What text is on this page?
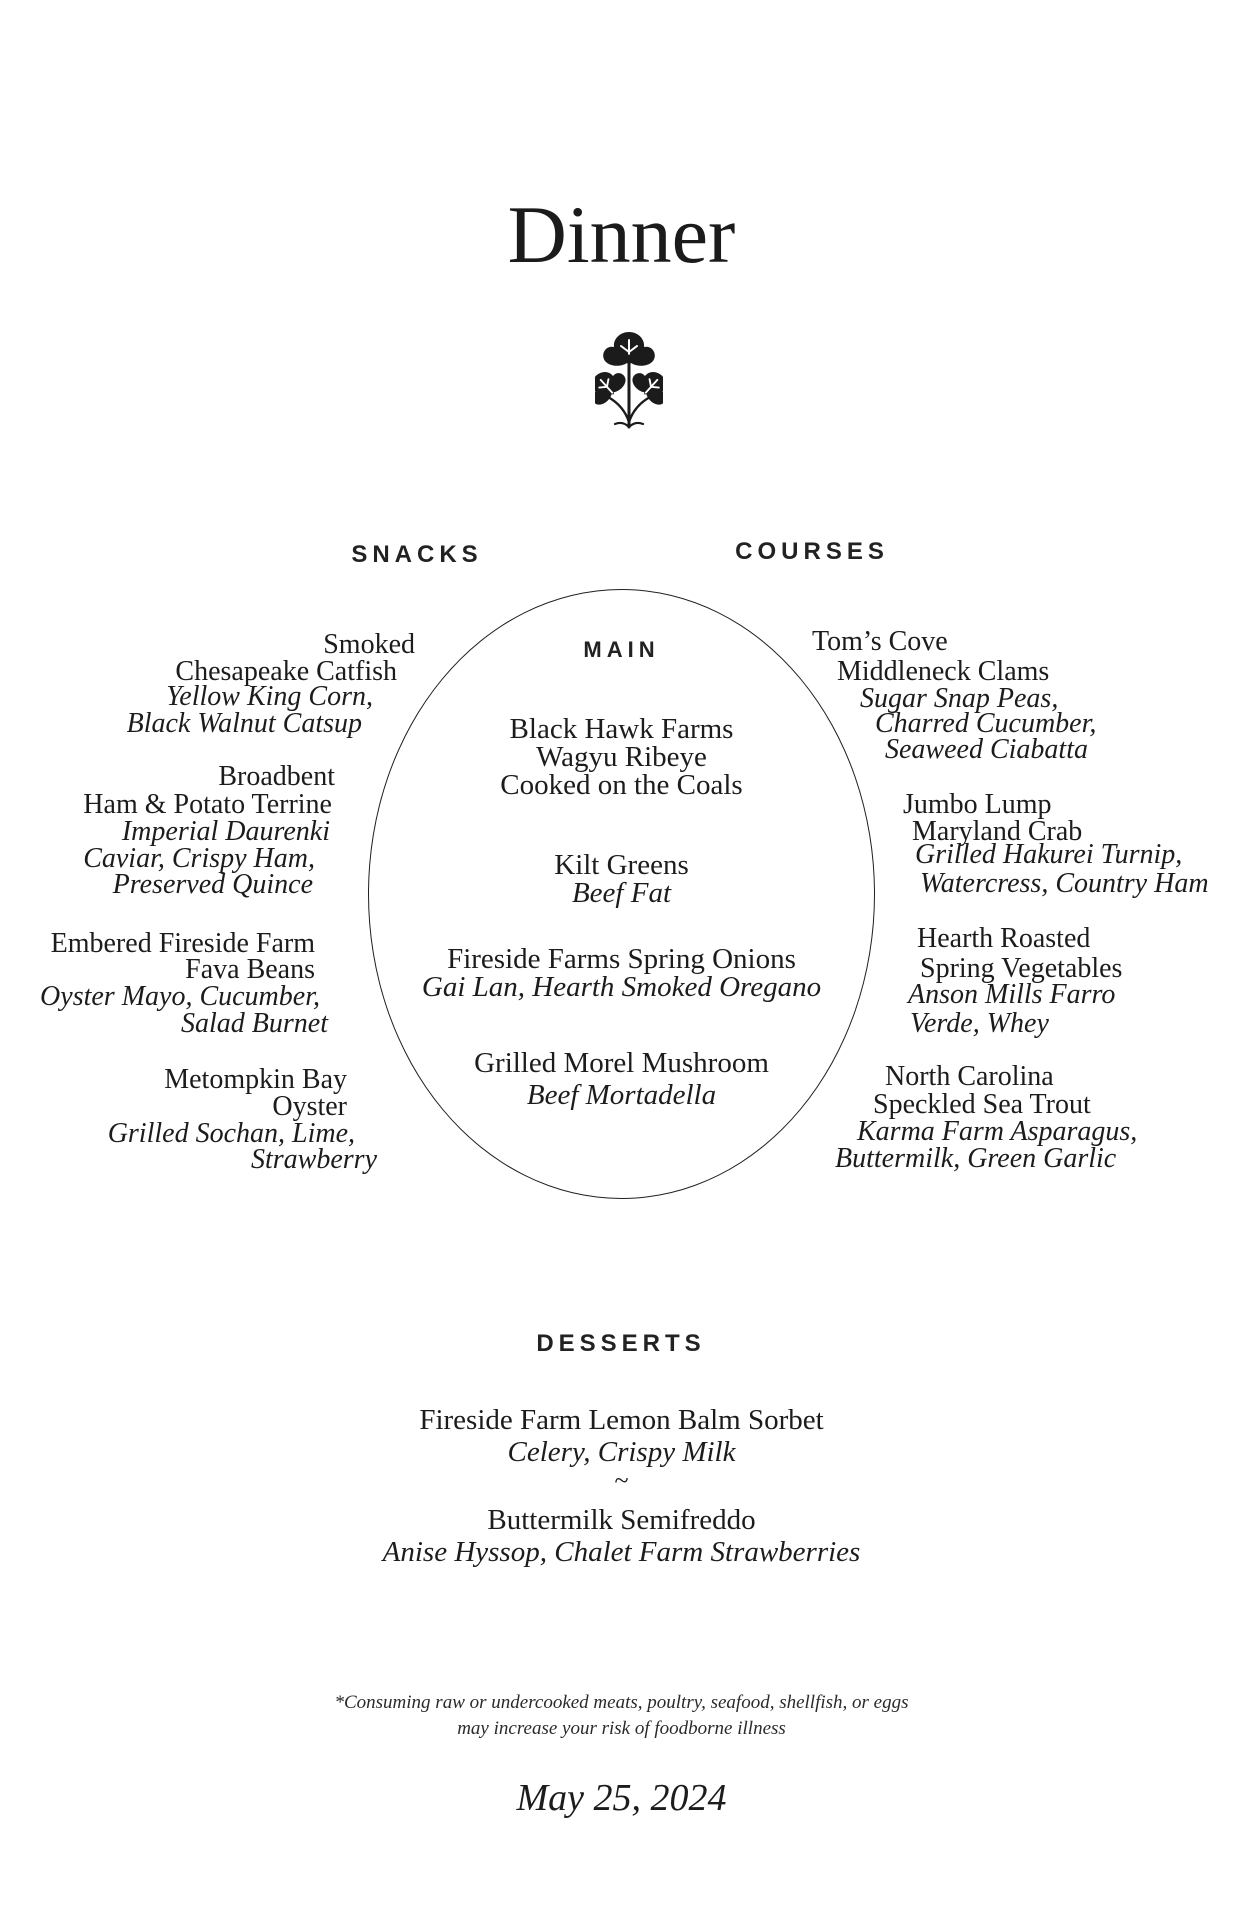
Dinner
SNACKS	COURSES
MAIN
Smoked
Chesapeake Catfish
Yellow King Corn,
Black Walnut Catsup
Broadbent
Ham & Potato Terrine
Imperial Daurenki
Caviar, Crispy Ham,
Preserved Quince
Embered Fireside Farm
Fava Beans
Oyster Mayo, Cucumber,
Salad Burnet
Metompkin Bay
Oyster
Grilled Sochan, Lime,
Strawberry
Tom’s Cove
Middleneck Clams
Sugar Snap Peas,
Charred Cucumber,
Seaweed Ciabatta
Jumbo Lump
Maryland Crab
Grilled Hakurei Turnip,
Watercress, Country Ham
Hearth Roasted
Spring Vegetables
Anson Mills Farro
Verde, Whey
North Carolina
Speckled Sea Trout
Karma Farm Asparagus,
Buttermilk, Green Garlic
Black Hawk Farms
Wagyu Ribeye
Cooked on the Coals
Kilt Greens
Beef Fat
Fireside Farms Spring Onions
Gai Lan, Hearth Smoked Oregano
Grilled Morel Mushroom
Beef Mortadella
DESSERTS
Fireside Farm Lemon Balm Sorbet
Celery, Crispy Milk
~
Buttermilk Semifreddo
Anise Hyssop, Chalet Farm Strawberries
*Consuming raw or undercooked meats, poultry, seafood, shellfish, or eggs
may increase your risk of foodborne illness
May 25, 2024
